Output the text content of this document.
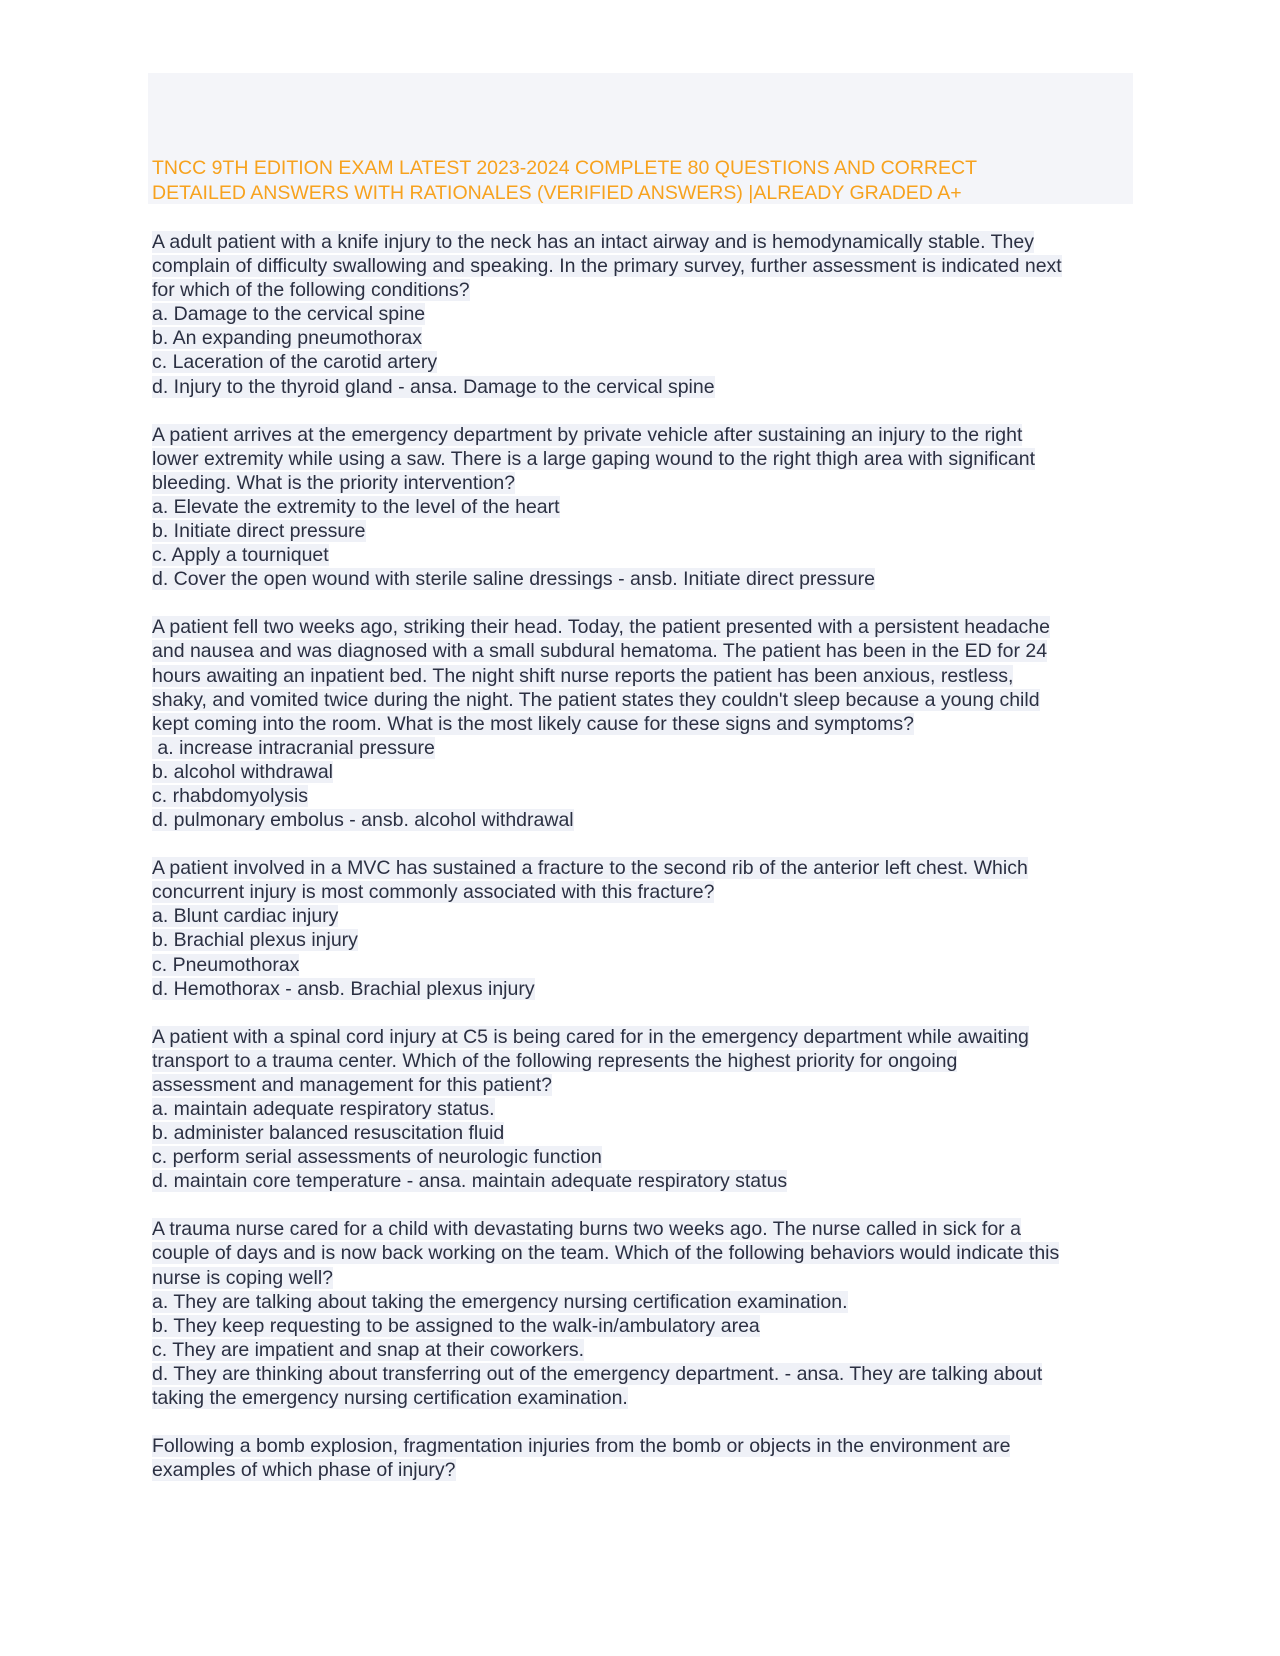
TNCC 9TH EDITION EXAM LATEST 2023-2024 COMPLETE 80 QUESTIONS AND CORRECT
DETAILED ANSWERS WITH RATIONALES (VERIFIED ANSWERS) |ALREADY GRADED A+
A adult patient with a knife injury to the neck has an intact airway and is hemodynamically stable. They
complain of difficulty swallowing and speaking. In the primary survey, further assessment is indicated next
for which of the following conditions?
a. Damage to the cervical spine
b. An expanding pneumothorax
c. Laceration of the carotid artery
d. Injury to the thyroid gland - ansa. Damage to the cervical spine
A patient arrives at the emergency department by private vehicle after sustaining an injury to the right
lower extremity while using a saw. There is a large gaping wound to the right thigh area with significant
bleeding. What is the priority intervention?
a. Elevate the extremity to the level of the heart
b. Initiate direct pressure
c. Apply a tourniquet
d. Cover the open wound with sterile saline dressings - ansb. Initiate direct pressure
A patient fell two weeks ago, striking their head. Today, the patient presented with a persistent headache
and nausea and was diagnosed with a small subdural hematoma. The patient has been in the ED for 24
hours awaiting an inpatient bed. The night shift nurse reports the patient has been anxious, restless,
shaky, and vomited twice during the night. The patient states they couldn't sleep because a young child
kept coming into the room. What is the most likely cause for these signs and symptoms?
a. increase intracranial pressure
b. alcohol withdrawal
c. rhabdomyolysis
d. pulmonary embolus - ansb. alcohol withdrawal
A patient involved in a MVC has sustained a fracture to the second rib of the anterior left chest. Which
concurrent injury is most commonly associated with this fracture?
a. Blunt cardiac injury
b. Brachial plexus injury
c. Pneumothorax
d. Hemothorax - ansb. Brachial plexus injury
A patient with a spinal cord injury at C5 is being cared for in the emergency department while awaiting
transport to a trauma center. Which of the following represents the highest priority for ongoing
assessment and management for this patient?
a. maintain adequate respiratory status.
b. administer balanced resuscitation fluid
c. perform serial assessments of neurologic function
d. maintain core temperature - ansa. maintain adequate respiratory status
A trauma nurse cared for a child with devastating burns two weeks ago. The nurse called in sick for a
couple of days and is now back working on the team. Which of the following behaviors would indicate this
nurse is coping well?
a. They are talking about taking the emergency nursing certification examination.
b. They keep requesting to be assigned to the walk-in/ambulatory area
c. They are impatient and snap at their coworkers.
d. They are thinking about transferring out of the emergency department. - ansa. They are talking about
taking the emergency nursing certification examination.
Following a bomb explosion, fragmentation injuries from the bomb or objects in the environment are
examples of which phase of injury?
